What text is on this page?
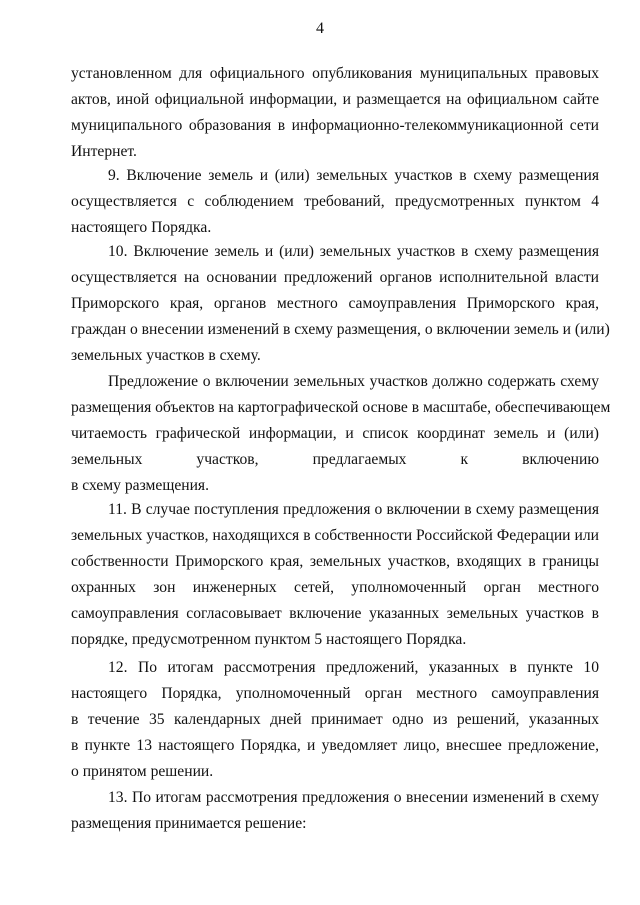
4
установленном для официального опубликования муниципальных правовых
актов, иной официальной информации, и размещается на официальном сайте
муниципального образования в информационно-телекоммуникационной сети
Интернет.
9. Включение земель и (или) земельных участков в схему размещения
осуществляется с соблюдением требований, предусмотренных пунктом 4
настоящего Порядка.
10. Включение земель и (или) земельных участков в схему размещения
осуществляется на основании предложений органов исполнительной власти
Приморского края, органов местного самоуправления Приморского края,
граждан о внесении изменений в схему размещения, о включении земель и (или)
земельных участков в схему.
Предложение о включении земельных участков должно содержать схему
размещения объектов на картографической основе в масштабе, обеспечивающем
читаемость графической информации, и список координат земель и (или)
земельных участков, предлагаемых к включению
в схему размещения.
11. В случае поступления предложения о включении в схему размещения
земельных участков, находящихся в собственности Российской Федерации или
собственности Приморского края, земельных участков, входящих в границы
охранных зон инженерных сетей, уполномоченный орган местного
самоуправления согласовывает включение указанных земельных участков в
порядке, предусмотренном пунктом 5 настоящего Порядка.
12. По итогам рассмотрения предложений, указанных в пункте 10
настоящего Порядка, уполномоченный орган местного самоуправления
в течение 35 календарных дней принимает одно из решений, указанных
в пункте 13 настоящего Порядка, и уведомляет лицо, внесшее предложение,
о принятом решении.
13. По итогам рассмотрения предложения о внесении изменений в схему
размещения принимается решение:
